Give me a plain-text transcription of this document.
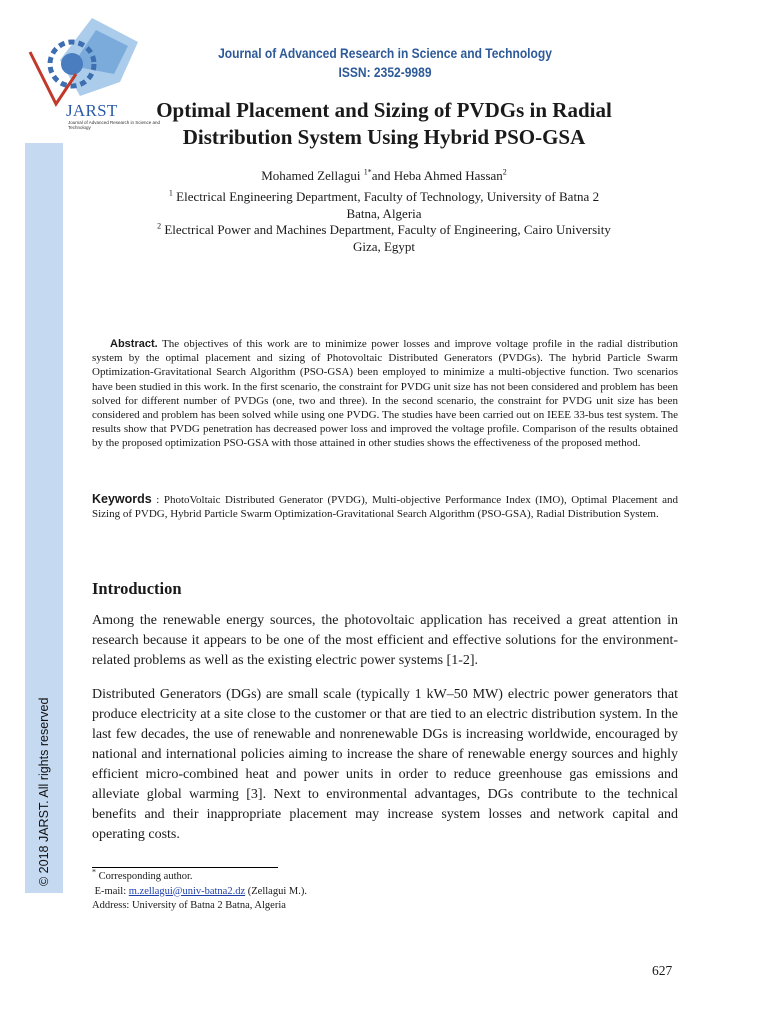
JARST
Journal of Advanced Research in Science and Technology
Journal of Advanced Research in Science and Technology
ISSN: 2352-9989
© 2018 JARST. All rights reserved
Optimal Placement and Sizing of PVDGs in Radial
Distribution System Using Hybrid PSO-GSA
Mohamed Zellagui $^{1*}$and Heba Ahmed Hassan$^2$
$^1$ Electrical Engineering Department, Faculty of Technology, University of Batna 2
Batna, Algeria
$^2$ Electrical Power and Machines Department, Faculty of Engineering, Cairo University
Giza, Egypt
Abstract. The objectives of this work are to minimize power losses and improve voltage profile in the radial distribution system by the optimal placement and sizing of Photovoltaic Distributed Generators (PVDGs). The hybrid Particle Swarm Optimization-Gravitational Search Algorithm (PSO-GSA) been employed to minimize a multi-objective function. Two scenarios have been studied in this work. In the first scenario, the constraint for PVDG unit size has not been considered and problem has been solved for different number of PVDGs (one, two and three). In the second scenario, the constraint for PVDG unit size has been considered and problem has been solved while using one PVDG. The studies have been carried out on IEEE 33-bus test system. The results show that PVDG penetration has decreased power loss and improved the voltage profile. Comparison of the results obtained by the proposed optimization PSO-GSA with those attained in other studies shows the effectiveness of the proposed method.
Keywords : PhotoVoltaic Distributed Generator (PVDG), Multi-objective Performance Index (IMO), Optimal Placement and Sizing of PVDG, Hybrid Particle Swarm Optimization-Gravitational Search Algorithm (PSO-GSA), Radial Distribution System.
Introduction
Among the renewable energy sources, the photovoltaic application has received a great attention in research because it appears to be one of the most efficient and effective solutions for the environment-related problems as well as the existing electric power systems [1-2].
Distributed Generators (DGs) are small scale (typically 1 kW–50 MW) electric power generators that produce electricity at a site close to the customer or that are tied to an electric distribution system. In the last few decades, the use of renewable and nonrenewable DGs is increasing worldwide, encouraged by national and international policies aiming to increase the share of renewable energy sources and highly efficient micro-combined heat and power units in order to reduce greenhouse gas emissions and alleviate global warming [3]. Next to environmental advantages, DGs contribute to the technical benefits and their inappropriate placement may increase system losses and network capital and operating costs.
* Corresponding author.
E-mail: m.zellagui@univ-batna2.dz (Zellagui M.).
Address: University of Batna 2 Batna, Algeria
627
